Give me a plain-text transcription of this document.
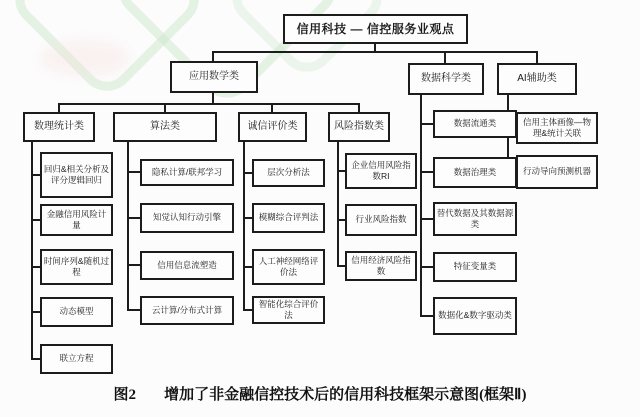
信用科技 — 信控服务业观点
应用数学类	数据科学类	AI辅助类
数理统计类	算法类	诚信评价类	风险指数类
回归&相关分析及评分逻辑回归
金融信用风险计量
时间序列&随机过程
动态模型
联立方程
隐私计算/联邦学习
知觉认知行动引擎
信用信息流塑造
云计算/分布式计算
层次分析法
模糊综合评判法
人工神经网络评价法
智能化综合评价法
企业信用风险指数RI
行业风险指数
信用经济风险指数
数据流通类
数据治理类
替代数据及其数据源类
特征变量类
数据化&数字驱动类
信用主体画像—物理&统计关联
行动导向预测机器
图2 增加了非金融信控技术后的信用科技框架示意图(框架Ⅱ)
